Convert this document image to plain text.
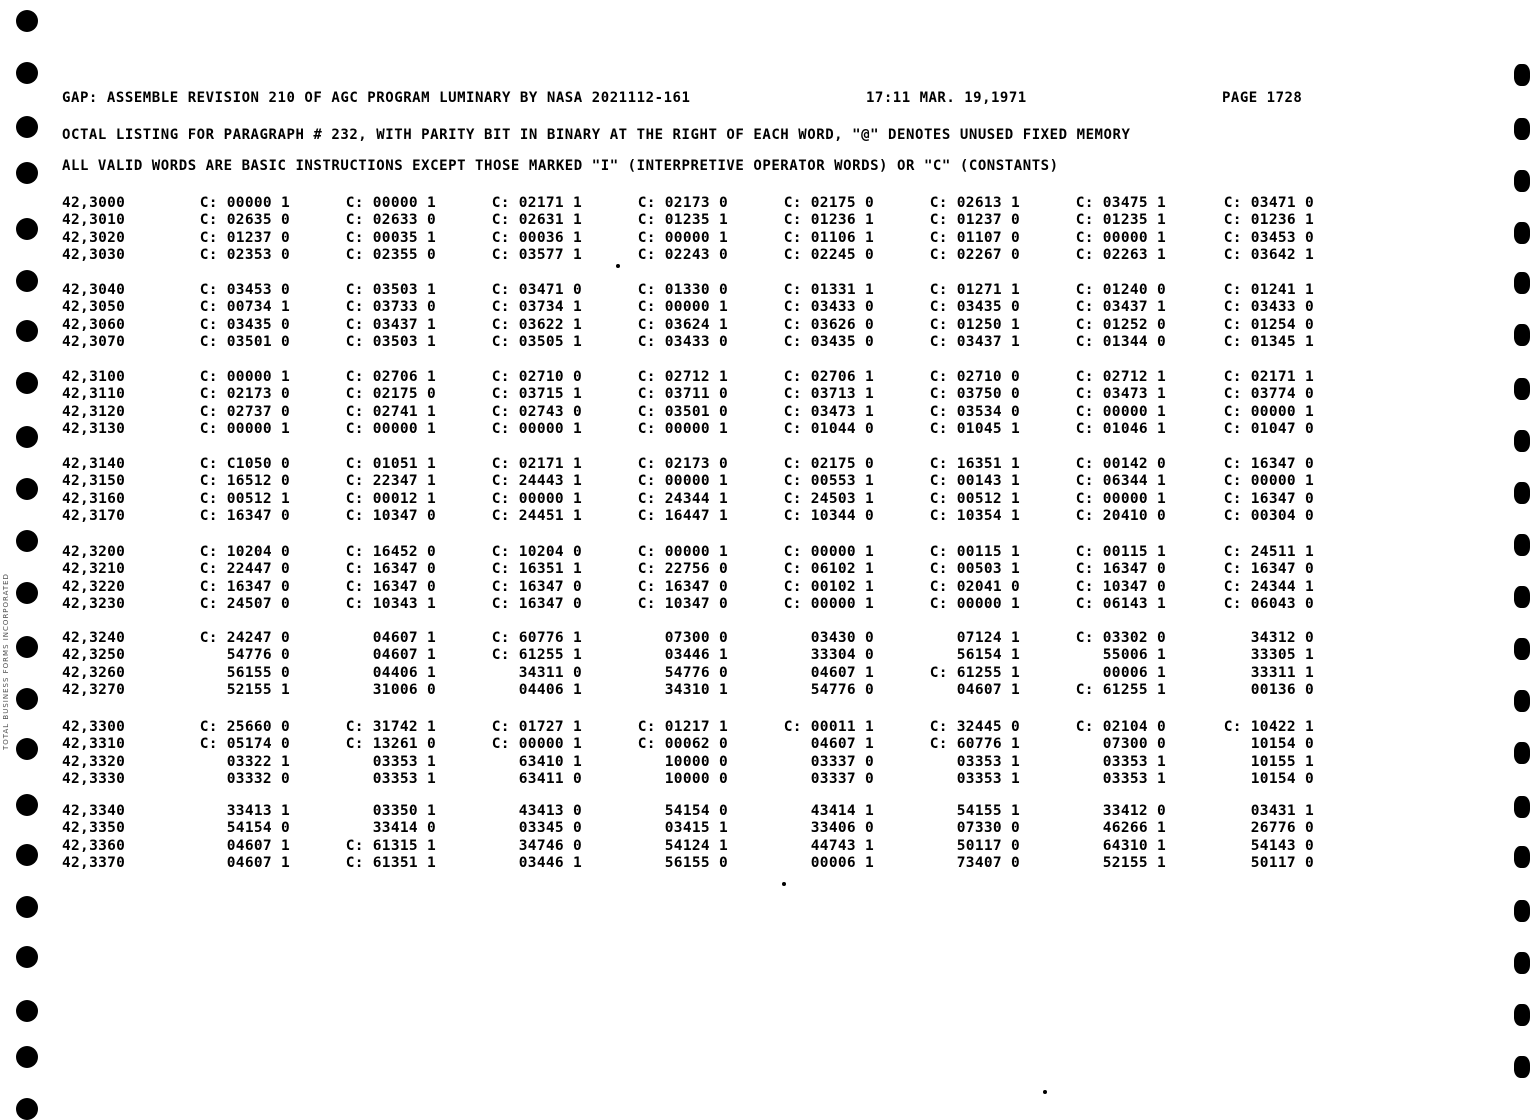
TOTAL BUSINESS FORMS INCORPORATED
GAP: ASSEMBLE REVISION 210 OF AGC PROGRAM LUMINARY BY NASA 2021112-161	17:11 MAR. 19,1971	PAGE 1728
OCTAL LISTING FOR PARAGRAPH # 232, WITH PARITY BIT IN BINARY AT THE RIGHT OF EACH WORD, "@" DENOTES UNUSED FIXED MEMORY
ALL VALID WORDS ARE BASIC INSTRUCTIONS EXCEPT THOSE MARKED "I" (INTERPRETIVE OPERATOR WORDS) OR "C" (CONSTANTS)
42,3000	C: 00000 1	C: 00000 1	C: 02171 1	C: 02173 0	C: 02175 0	C: 02613 1	C: 03475 1	C: 03471 0
42,3010	C: 02635 0	C: 02633 0	C: 02631 1	C: 01235 1	C: 01236 1	C: 01237 0	C: 01235 1	C: 01236 1
42,3020	C: 01237 0	C: 00035 1	C: 00036 1	C: 00000 1	C: 01106 1	C: 01107 0	C: 00000 1	C: 03453 0
42,3030	C: 02353 0	C: 02355 0	C: 03577 1	C: 02243 0	C: 02245 0	C: 02267 0	C: 02263 1	C: 03642 1
42,3040	C: 03453 0	C: 03503 1	C: 03471 0	C: 01330 0	C: 01331 1	C: 01271 1	C: 01240 0	C: 01241 1
42,3050	C: 00734 1	C: 03733 0	C: 03734 1	C: 00000 1	C: 03433 0	C: 03435 0	C: 03437 1	C: 03433 0
42,3060	C: 03435 0	C: 03437 1	C: 03622 1	C: 03624 1	C: 03626 0	C: 01250 1	C: 01252 0	C: 01254 0
42,3070	C: 03501 0	C: 03503 1	C: 03505 1	C: 03433 0	C: 03435 0	C: 03437 1	C: 01344 0	C: 01345 1
42,3100	C: 00000 1	C: 02706 1	C: 02710 0	C: 02712 1	C: 02706 1	C: 02710 0	C: 02712 1	C: 02171 1
42,3110	C: 02173 0	C: 02175 0	C: 03715 1	C: 03711 0	C: 03713 1	C: 03750 0	C: 03473 1	C: 03774 0
42,3120	C: 02737 0	C: 02741 1	C: 02743 0	C: 03501 0	C: 03473 1	C: 03534 0	C: 00000 1	C: 00000 1
42,3130	C: 00000 1	C: 00000 1	C: 00000 1	C: 00000 1	C: 01044 0	C: 01045 1	C: 01046 1	C: 01047 0
42,3140	C: C1050 0	C: 01051 1	C: 02171 1	C: 02173 0	C: 02175 0	C: 16351 1	C: 00142 0	C: 16347 0
42,3150	C: 16512 0	C: 22347 1	C: 24443 1	C: 00000 1	C: 00553 1	C: 00143 1	C: 06344 1	C: 00000 1
42,3160	C: 00512 1	C: 00012 1	C: 00000 1	C: 24344 1	C: 24503 1	C: 00512 1	C: 00000 1	C: 16347 0
42,3170	C: 16347 0	C: 10347 0	C: 24451 1	C: 16447 1	C: 10344 0	C: 10354 1	C: 20410 0	C: 00304 0
42,3200	C: 10204 0	C: 16452 0	C: 10204 0	C: 00000 1	C: 00000 1	C: 00115 1	C: 00115 1	C: 24511 1
42,3210	C: 22447 0	C: 16347 0	C: 16351 1	C: 22756 0	C: 06102 1	C: 00503 1	C: 16347 0	C: 16347 0
42,3220	C: 16347 0	C: 16347 0	C: 16347 0	C: 16347 0	C: 00102 1	C: 02041 0	C: 10347 0	C: 24344 1
42,3230	C: 24507 0	C: 10343 1	C: 16347 0	C: 10347 0	C: 00000 1	C: 00000 1	C: 06143 1	C: 06043 0
42,3240	C: 24247 0	04607 1	C: 60776 1	07300 0	03430 0	07124 1	C: 03302 0	34312 0
42,3250	54776 0	04607 1	C: 61255 1	03446 1	33304 0	56154 1	55006 1	33305 1
42,3260	56155 0	04406 1	34311 0	54776 0	04607 1	C: 61255 1	00006 1	33311 1
42,3270	52155 1	31006 0	04406 1	34310 1	54776 0	04607 1	C: 61255 1	00136 0
42,3300	C: 25660 0	C: 31742 1	C: 01727 1	C: 01217 1	C: 00011 1	C: 32445 0	C: 02104 0	C: 10422 1
42,3310	C: 05174 0	C: 13261 0	C: 00000 1	C: 00062 0	04607 1	C: 60776 1	07300 0	10154 0
42,3320	03322 1	03353 1	63410 1	10000 0	03337 0	03353 1	03353 1	10155 1
42,3330	03332 0	03353 1	63411 0	10000 0	03337 0	03353 1	03353 1	10154 0
42,3340	33413 1	03350 1	43413 0	54154 0	43414 1	54155 1	33412 0	03431 1
42,3350	54154 0	33414 0	03345 0	03415 1	33406 0	07330 0	46266 1	26776 0
42,3360	04607 1	C: 61315 1	34746 0	54124 1	44743 1	50117 0	64310 1	54143 0
42,3370	04607 1	C: 61351 1	03446 1	56155 0	00006 1	73407 0	52155 1	50117 0
